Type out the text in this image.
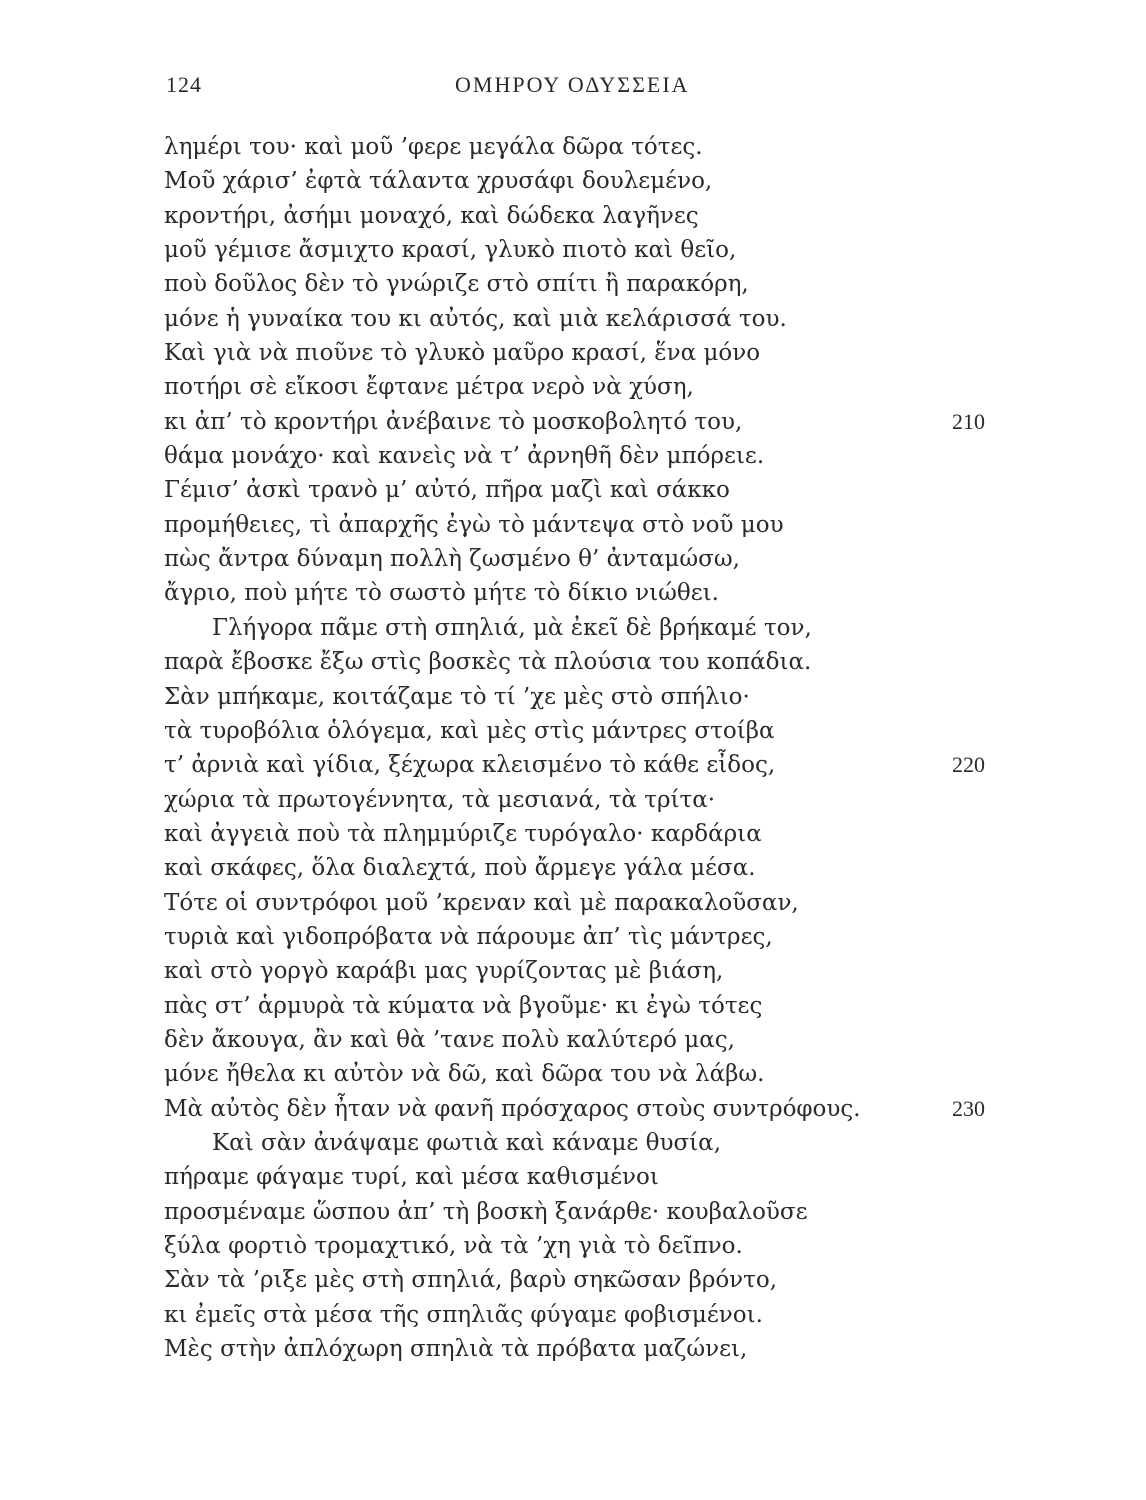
124	ΟΜΗΡΟΥ ΟΔΥΣΣΕΙΑ
λημέρι του· καὶ μοῦ ’φερε μεγάλα δῶρα τότες.
Μοῦ χάρισ’ ἐφτὰ τάλαντα χρυσάφι δουλεμένο,
κροντήρι, ἀσήμι μοναχό, καὶ δώδεκα λαγῆνες
μοῦ γέμισε ἄσμιχτο κρασί, γλυκὸ πιοτὸ καὶ θεῖο,
ποὺ δοῦλος δὲν τὸ γνώριζε στὸ σπίτι ἢ παρακόρη,
μόνε ἡ γυναίκα του κι αὐτός, καὶ μιὰ κελάρισσά του.
Καὶ γιὰ νὰ πιοῦνε τὸ γλυκὸ μαῦρο κρασί, ἕνα μόνο
ποτήρι σὲ εἴκοσι ἔφτανε μέτρα νερὸ νὰ χύση,
κι ἀπ’ τὸ κροντήρι ἀνέβαινε τὸ μοσκοβολητό του,	210
θάμα μονάχο· καὶ κανεὶς νὰ τ’ ἀρνηθῆ δὲν μπόρειε.
Γέμισ’ ἀσκὶ τρανὸ μ’ αὐτό, πῆρα μαζὶ καὶ σάκκο
προμήθειες, τὶ ἀπαρχῆς ἐγὼ τὸ μάντεψα στὸ νοῦ μου
πὼς ἄντρα δύναμη πολλὴ ζωσμένο θ’ ἀνταμώσω,
ἄγριο, ποὺ μήτε τὸ σωστὸ μήτε τὸ δίκιο νιώθει.
Γλήγορα πᾶμε στὴ σπηλιά, μὰ ἐκεῖ δὲ βρήκαμέ τον,
παρὰ ἔβοσκε ἔξω στὶς βοσκὲς τὰ πλούσια του κοπάδια.
Σὰν μπήκαμε, κοιτάζαμε τὸ τί ’χε μὲς στὸ σπήλιο·
τὰ τυροβόλια ὁλόγεμα, καὶ μὲς στὶς μάντρες στοίβα
τ’ ἀρνιὰ καὶ γίδια, ξέχωρα κλεισμένο τὸ κάθε εἶδος,	220
χώρια τὰ πρωτογέννητα, τὰ μεσιανά, τὰ τρίτα·
καὶ ἀγγειὰ ποὺ τὰ πλημμύριζε τυρόγαλο· καρδάρια
καὶ σκάφες, ὅλα διαλεχτά, ποὺ ἄρμεγε γάλα μέσα.
Τότε οἱ συντρόφοι μοῦ ’κρεναν καὶ μὲ παρακαλοῦσαν,
τυριὰ καὶ γιδοπρόβατα νὰ πάρουμε ἀπ’ τὶς μάντρες,
καὶ στὸ γοργὸ καράβι μας γυρίζοντας μὲ βιάση,
πὰς στ’ ἁρμυρὰ τὰ κύματα νὰ βγοῦμε· κι ἐγὼ τότες
δὲν ἄκουγα, ἂν καὶ θὰ ’τανε πολὺ καλύτερό μας,
μόνε ἤθελα κι αὐτὸν νὰ δῶ, καὶ δῶρα του νὰ λάβω.
Μὰ αὐτὸς δὲν ἦταν νὰ φανῆ πρόσχαρος στοὺς συντρόφους.	230
Καὶ σὰν ἀνάψαμε φωτιὰ καὶ κάναμε θυσία,
πήραμε φάγαμε τυρί, καὶ μέσα καθισμένοι
προσμέναμε ὥσπου ἀπ’ τὴ βοσκὴ ξανάρθε· κουβαλοῦσε
ξύλα φορτιὸ τρομαχτικό, νὰ τὰ ’χη γιὰ τὸ δεῖπνο.
Σὰν τὰ ’ριξε μὲς στὴ σπηλιά, βαρὺ σηκῶσαν βρόντο,
κι ἐμεῖς στὰ μέσα τῆς σπηλιᾶς φύγαμε φοβισμένοι.
Μὲς στὴν ἀπλόχωρη σπηλιὰ τὰ πρόβατα μαζώνει,
